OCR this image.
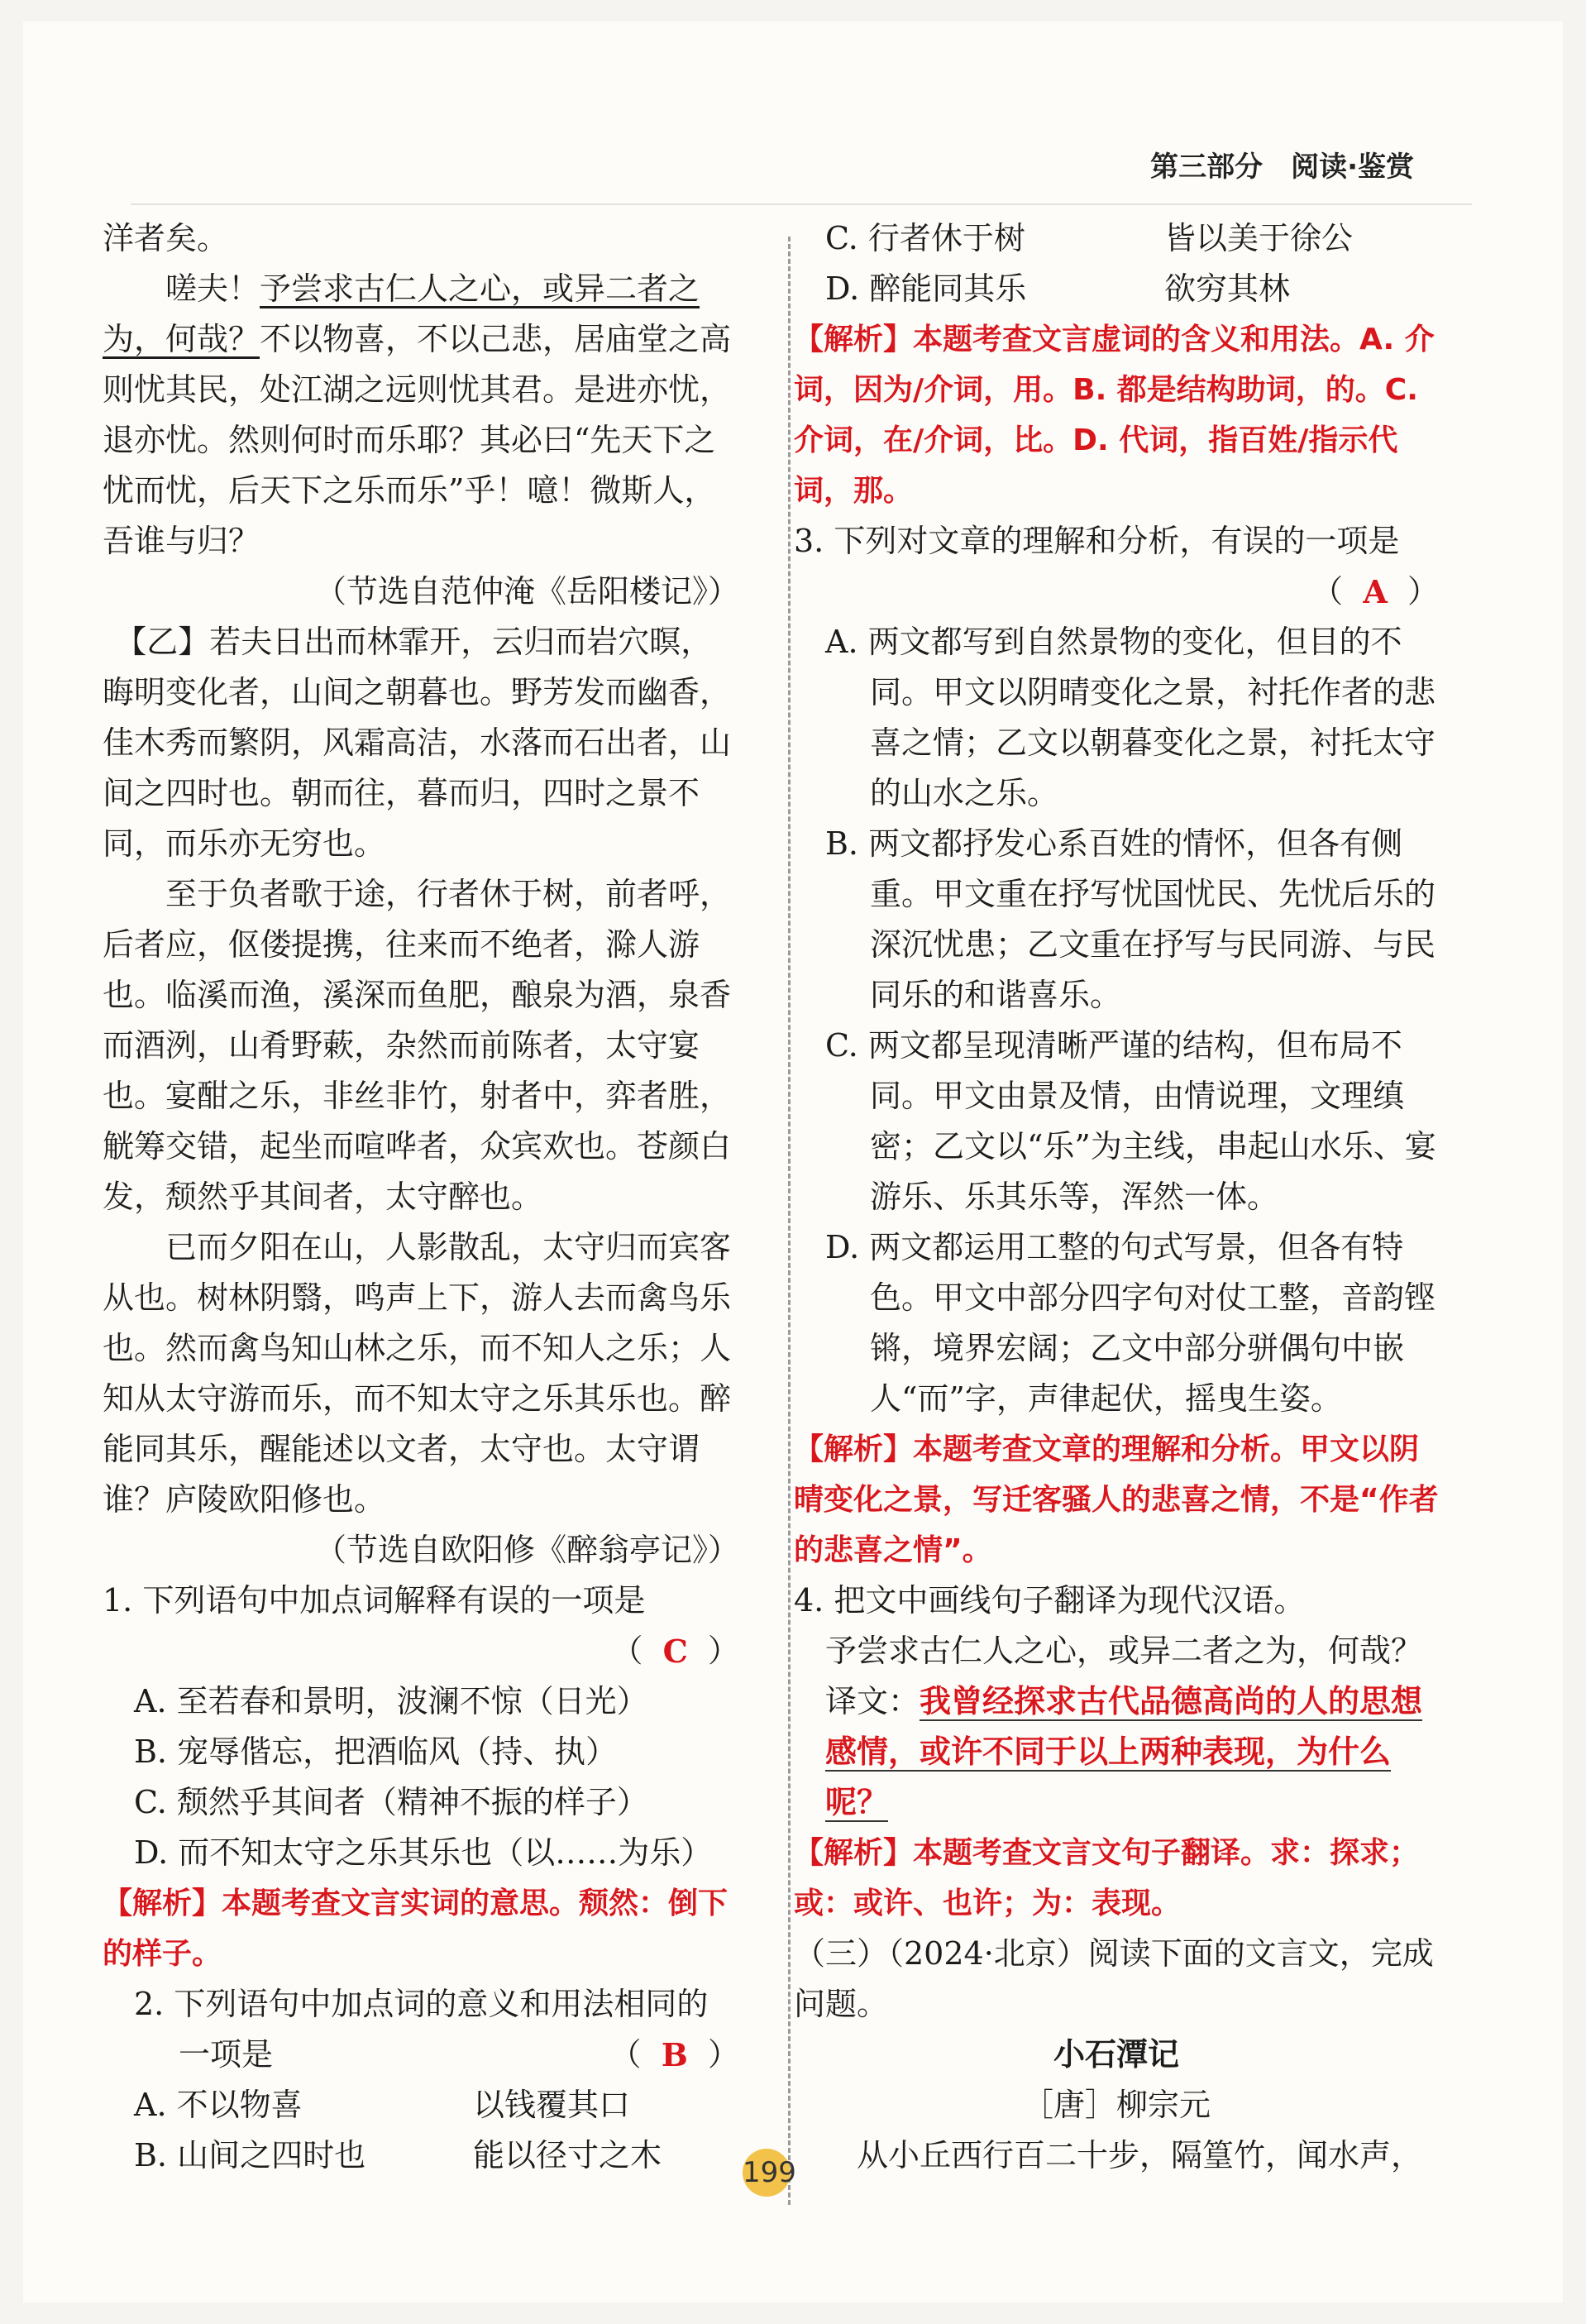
第三部分　阅读·鉴赏

洋者矣。

嗟夫！予尝求古仁人之心，或异二者之为，何哉？不以物喜，不以己悲，居庙堂之高则忧其民，处江湖之远则忧其君。是进亦忧，退亦忧。然则何时而乐耶？其必曰“先天下之忧而忧，后天下之乐而乐”乎！噫！微斯人，吾谁与归？

（节选自范仲淹《岳阳楼记》）

【乙】若夫日出而林霏开，云归而岩穴暝，晦明变化者，山间之朝暮也。野芳发而幽香，佳木秀而繁阴，风霜高洁，水落而石出者，山间之四时也。朝而往，暮而归，四时之景不同，而乐亦无穷也。

至于负者歌于途，行者休于树，前者呼，后者应，伛偻提携，往来而不绝者，滁人游也。临溪而渔，溪深而鱼肥，酿泉为酒，泉香而酒洌，山肴野蔌，杂然而前陈者，太守宴也。宴酣之乐，非丝非竹，射者中，弈者胜，觥筹交错，起坐而喧哗者，众宾欢也。苍颜白发，颓然乎其间者，太守醉也。

已而夕阳在山，人影散乱，太守归而宾客从也。树林阴翳，鸣声上下，游人去而禽鸟乐也。然而禽鸟知山林之乐，而不知人之乐；人知从太守游而乐，而不知太守之乐其乐也。醉能同其乐，醒能述以文者，太守也。太守谓谁？庐陵欧阳修也。

（节选自欧阳修《醉翁亭记》）

1. 下列语句中加点词解释有误的一项是

（ C ）

A. 至若春和景明，波澜不惊（日光）

B. 宠辱偕忘，把酒临风（持、执）

C. 颓然乎其间者（精神不振的样子）

D. 而不知太守之乐其乐也（以……为乐）

【解析】本题考查文言实词的意思。颓然：倒下的样子。

2. 下列语句中加点词的意义和用法相同的一项是	（ B ）

A. 不以物喜	以钱覆其口

B. 山间之四时也	能以径寸之木

C. 行者休于树	皆以美于徐公

D. 醉能同其乐	欲穷其林

【解析】本题考查文言虚词的含义和用法。A. 介词，因为/介词，用。B. 都是结构助词，的。C. 介词，在/介词，比。D. 代词，指百姓/指示代词，那。

3. 下列对文章的理解和分析，有误的一项是

（ A ）

A. 两文都写到自然景物的变化，但目的不同。甲文以阴晴变化之景，衬托作者的悲喜之情；乙文以朝暮变化之景，衬托太守的山水之乐。

B. 两文都抒发心系百姓的情怀，但各有侧重。甲文重在抒写忧国忧民、先忧后乐的深沉忧患；乙文重在抒写与民同游、与民同乐的和谐喜乐。

C. 两文都呈现清晰严谨的结构，但布局不同。甲文由景及情，由情说理，文理缜密；乙文以“乐”为主线，串起山水乐、宴游乐、乐其乐等，浑然一体。

D. 两文都运用工整的句式写景，但各有特色。甲文中部分四字句对仗工整，音韵铿锵，境界宏阔；乙文中部分骈偶句中嵌人“而”字，声律起伏，摇曳生姿。

【解析】本题考查文章的理解和分析。甲文以阴晴变化之景，写迁客骚人的悲喜之情，不是“作者的悲喜之情”。

4. 把文中画线句子翻译为现代汉语。

予尝求古仁人之心，或异二者之为，何哉？

译文：我曾经探求古代品德高尚的人的思想感情，或许不同于以上两种表现，为什么呢？

【解析】本题考查文言文句子翻译。求：探求；或：或许、也许；为：表现。

（三）（2024·北京）阅读下面的文言文，完成问题。

小石潭记

［唐］柳宗元

从小丘西行百二十步，隔篁竹，闻水声，

199
